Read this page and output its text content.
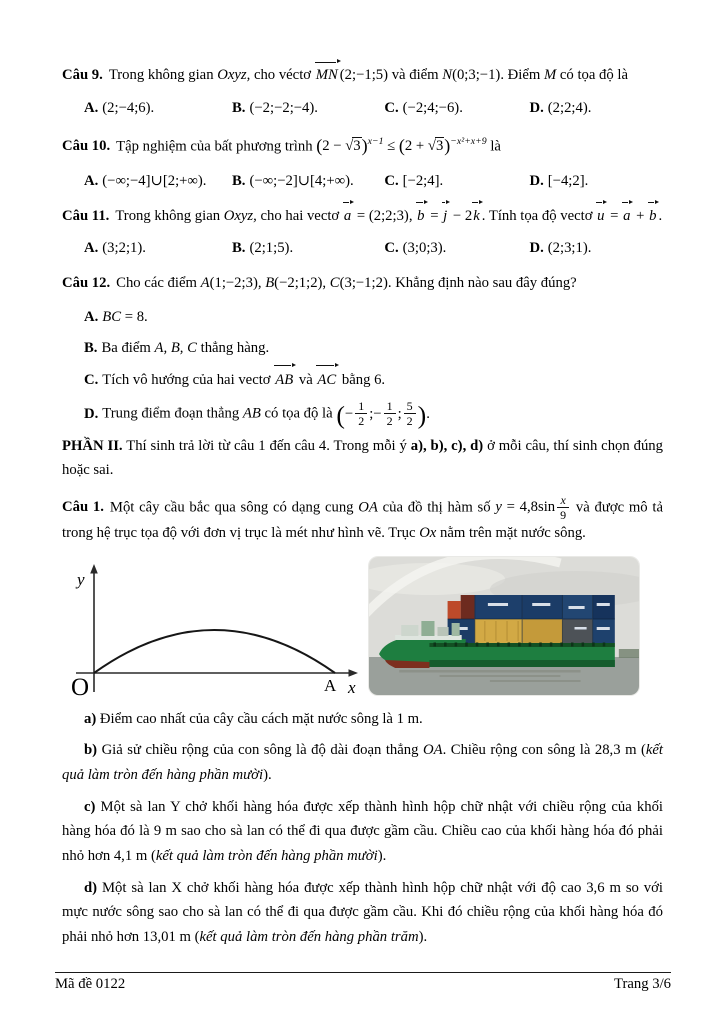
Câu 9. Trong không gian Oxyz, cho véctơ MN (2;−1;5) và điểm N(0;3;−1). Điểm M có tọa độ là

A. (2;−4;6).	B. (−2;−2;−4).	C. (−2;4;−6).	D. (2;2;4).

Câu 10. Tập nghiệm của bất phương trình $(2 - √3)^{x-1} \le (2 + √3)^{-x^2+x+9}$ là

A. (−∞;−4]∪[2;+∞).	B. (−∞;−2]∪[4;+∞).	C. [−2;4].	D. [−4;2].

Câu 11. Trong không gian Oxyz, cho hai vectơ a = (2;2;3), b = j − 2k . Tính tọa độ vectơ u = a + b .

A. (3;2;1).	B. (2;1;5).	C. (3;0;3).	D. (2;3;1).

Câu 12. Cho các điểm A(1;−2;3), B(−2;1;2), C(3;−1;2). Khẳng định nào sau đây đúng?

A. BC = 8.

B. Ba điểm A, B, C thẳng hàng.

C. Tích vô hướng của hai vectơ AB và AC bằng 6.

D. Trung điểm đoạn thẳng AB có tọa độ là (− $\frac{1}{2}$ ;− $\frac{1}{2}$ ; $\frac{5}{2}$ ).

PHẦN II. Thí sinh trả lời từ câu 1 đến câu 4. Trong mỗi ý a), b), c), d) ở mỗi câu, thí sinh chọn đúng hoặc sai.

Câu 1. Một cây cầu bắc qua sông có dạng cung OA của đồ thị hàm số $y = 4,8\sin \frac{x}{9}$ và được mô tả trong hệ trục tọa độ với đơn vị trục là mét như hình vẽ. Trục Ox nằm trên mặt nước sông.

y
O	A x

a) Điểm cao nhất của cây cầu cách mặt nước sông là 1 m.

b) Giả sử chiều rộng của con sông là độ dài đoạn thẳng OA. Chiều rộng con sông là 28,3 m (kết quả làm tròn đến hàng phần mười).

c) Một sà lan Y chở khối hàng hóa được xếp thành hình hộp chữ nhật với chiều rộng của khối hàng hóa đó là 9 m sao cho sà lan có thể đi qua được gầm cầu. Chiều cao của khối hàng hóa đó phải nhỏ hơn 4,1 m (kết quả làm tròn đến hàng phần mười).

d) Một sà lan X chở khối hàng hóa được xếp thành hình hộp chữ nhật với độ cao 3,6 m so với mực nước sông sao cho sà lan có thể đi qua được gầm cầu. Khi đó chiều rộng của khối hàng hóa đó phải nhỏ hơn 13,01 m (kết quả làm tròn đến hàng phần trăm).

Mã đề 0122	Trang 3/6
